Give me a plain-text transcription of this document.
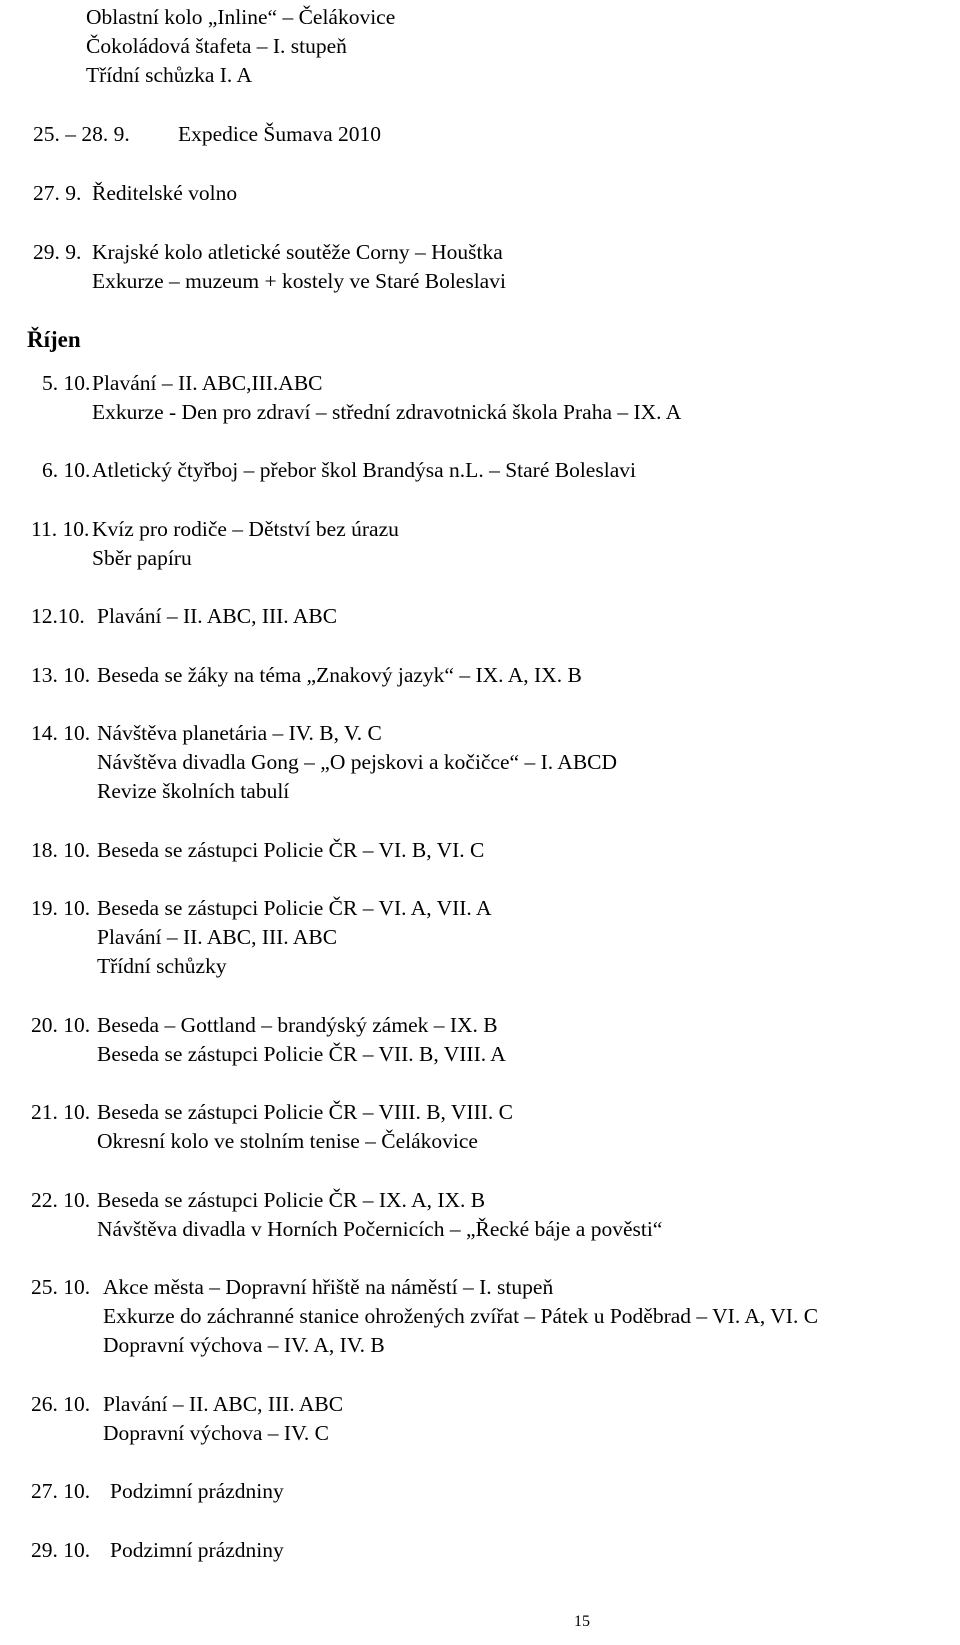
Oblastní kolo „Inline“ – Čelákovice
Čokoládová štafeta – I. stupeň
Třídní schůzka I. A
25. – 28. 9. Expedice Šumava 2010
27. 9. Ředitelské volno
29. 9. Krajské kolo atletické soutěže Corny – Houštka
Exkurze – muzeum + kostely ve Staré Boleslavi
Říjen
5. 10. Plavání – II. ABC,III.ABC
Exkurze - Den pro zdraví – střední zdravotnická škola Praha – IX. A
6. 10. Atletický čtyřboj – přebor škol Brandýsa n.L. – Staré Boleslavi
11. 10. Kvíz pro rodiče – Dětství bez úrazu
Sběr papíru
12.10. Plavání – II. ABC, III. ABC
13. 10. Beseda se žáky na téma „Znakový jazyk“ – IX. A, IX. B
14. 10. Návštěva planetária – IV. B, V. C
Návštěva divadla Gong – „O pejskovi a kočičce“ – I. ABCD
Revize školních tabulí
18. 10. Beseda se zástupci Policie ČR – VI. B, VI. C
19. 10. Beseda se zástupci Policie ČR – VI. A, VII. A
Plavání – II. ABC, III. ABC
Třídní schůzky
20. 10. Beseda – Gottland – brandýský zámek – IX. B
Beseda se zástupci Policie ČR – VII. B, VIII. A
21. 10. Beseda se zástupci Policie ČR – VIII. B, VIII. C
Okresní kolo ve stolním tenise – Čelákovice
22. 10. Beseda se zástupci Policie ČR – IX. A, IX. B
Návštěva divadla v Horních Počernicích – „Řecké báje a pověsti“
25. 10. Akce města – Dopravní hřiště na náměstí – I. stupeň
Exkurze do záchranné stanice ohrožených zvířat – Pátek u Poděbrad – VI. A, VI. C
Dopravní výchova – IV. A, IV. B
26. 10. Plavání – II. ABC, III. ABC
Dopravní výchova – IV. C
27. 10. Podzimní prázdniny
29. 10. Podzimní prázdniny
15
